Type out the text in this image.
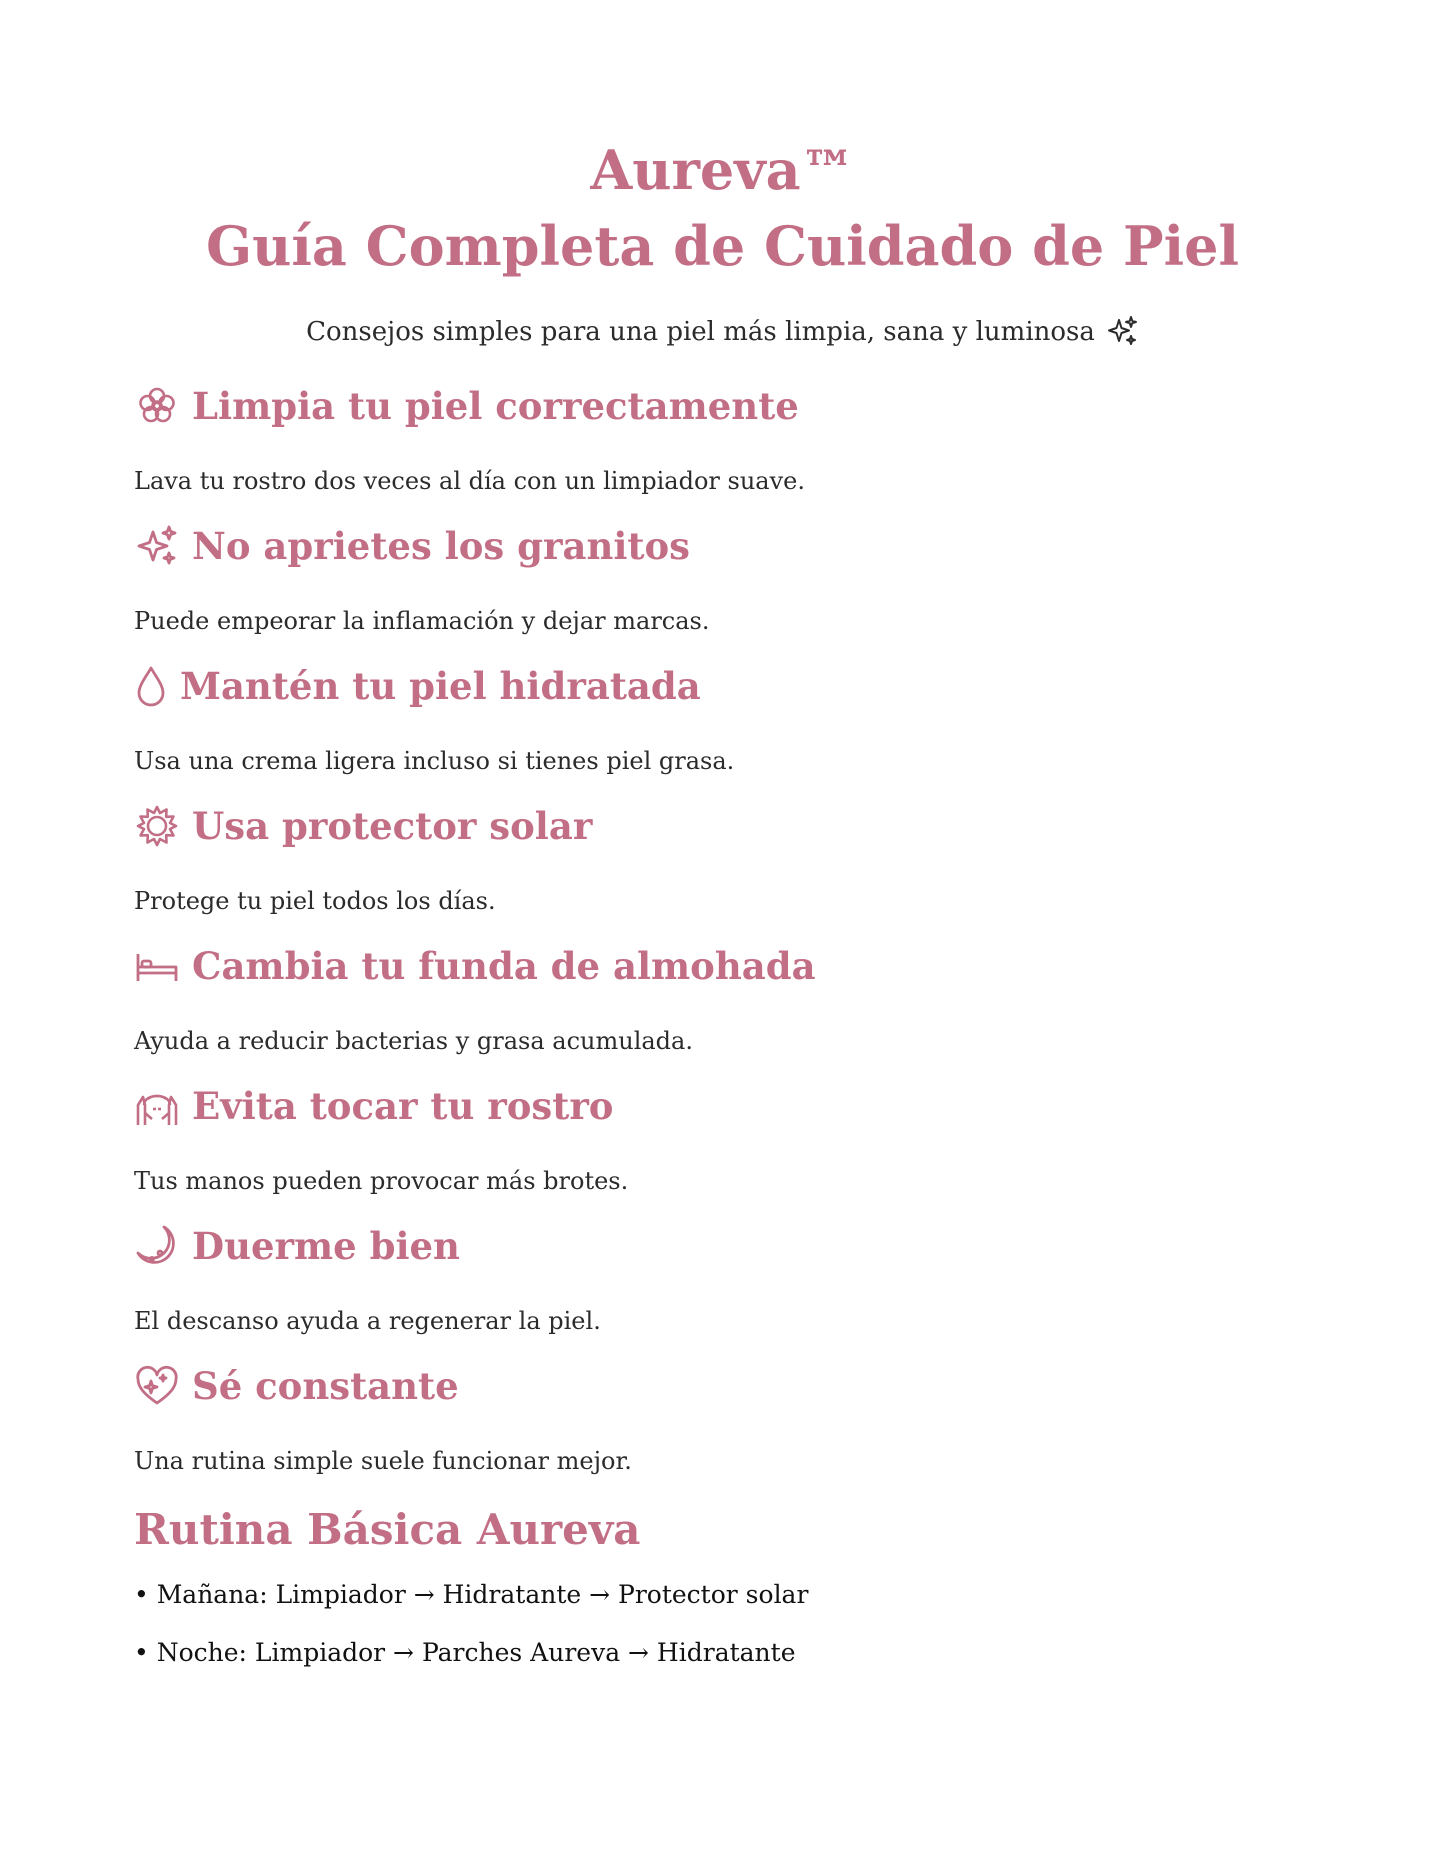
Aureva™
Guía Completa de Cuidado de Piel
Consejos simples para una piel más limpia, sana y luminosa
Limpia tu piel correctamente

Lava tu rostro dos veces al día con un limpiador suave.

No aprietes los granitos

Puede empeorar la inflamación y dejar marcas.

Mantén tu piel hidratada

Usa una crema ligera incluso si tienes piel grasa.

Usa protector solar

Protege tu piel todos los días.

Cambia tu funda de almohada

Ayuda a reducir bacterias y grasa acumulada.

Evita tocar tu rostro

Tus manos pueden provocar más brotes.

Duerme bien

El descanso ayuda a regenerar la piel.

Sé constante

Una rutina simple suele funcionar mejor.

Rutina Básica Aureva
• Mañana: Limpiador → Hidratante → Protector solar
• Noche: Limpiador → Parches Aureva → Hidratante
